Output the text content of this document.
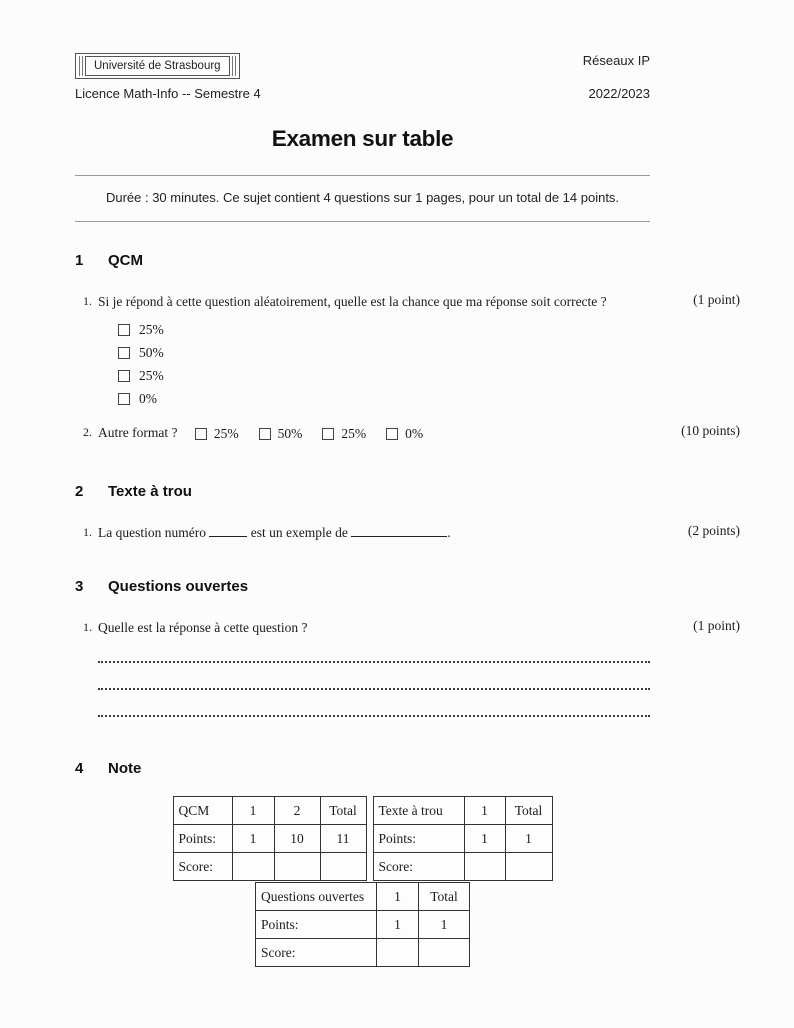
Université de Strasbourg	Réseaux IP
Licence Math-Info -- Semestre 4	2022/2023
Examen sur table
Durée : 30 minutes. Ce sujet contient 4 questions sur 1 pages, pour un total de 14 points.
1 QCM
1. Si je répond à cette question aléatoirement, quelle est la chance que ma réponse soit correcte ?	(1 point)
25%
50%
25%
0%
2. Autre format ?	25%	50%	25%	0%	(10 points)
2 Texte à trou
1. La question numéro	est un exemple de	.	(2 points)
3 Questions ouvertes
1. Quelle est la réponse à cette question ?	(1 point)
4 Note
QCM	1	2	Total
Points:	1	10	11
Score:			
Texte à trou	1	Total
Points:	1	1
Score:		
Questions ouvertes	1	Total
Points:	1	1
Score:		
